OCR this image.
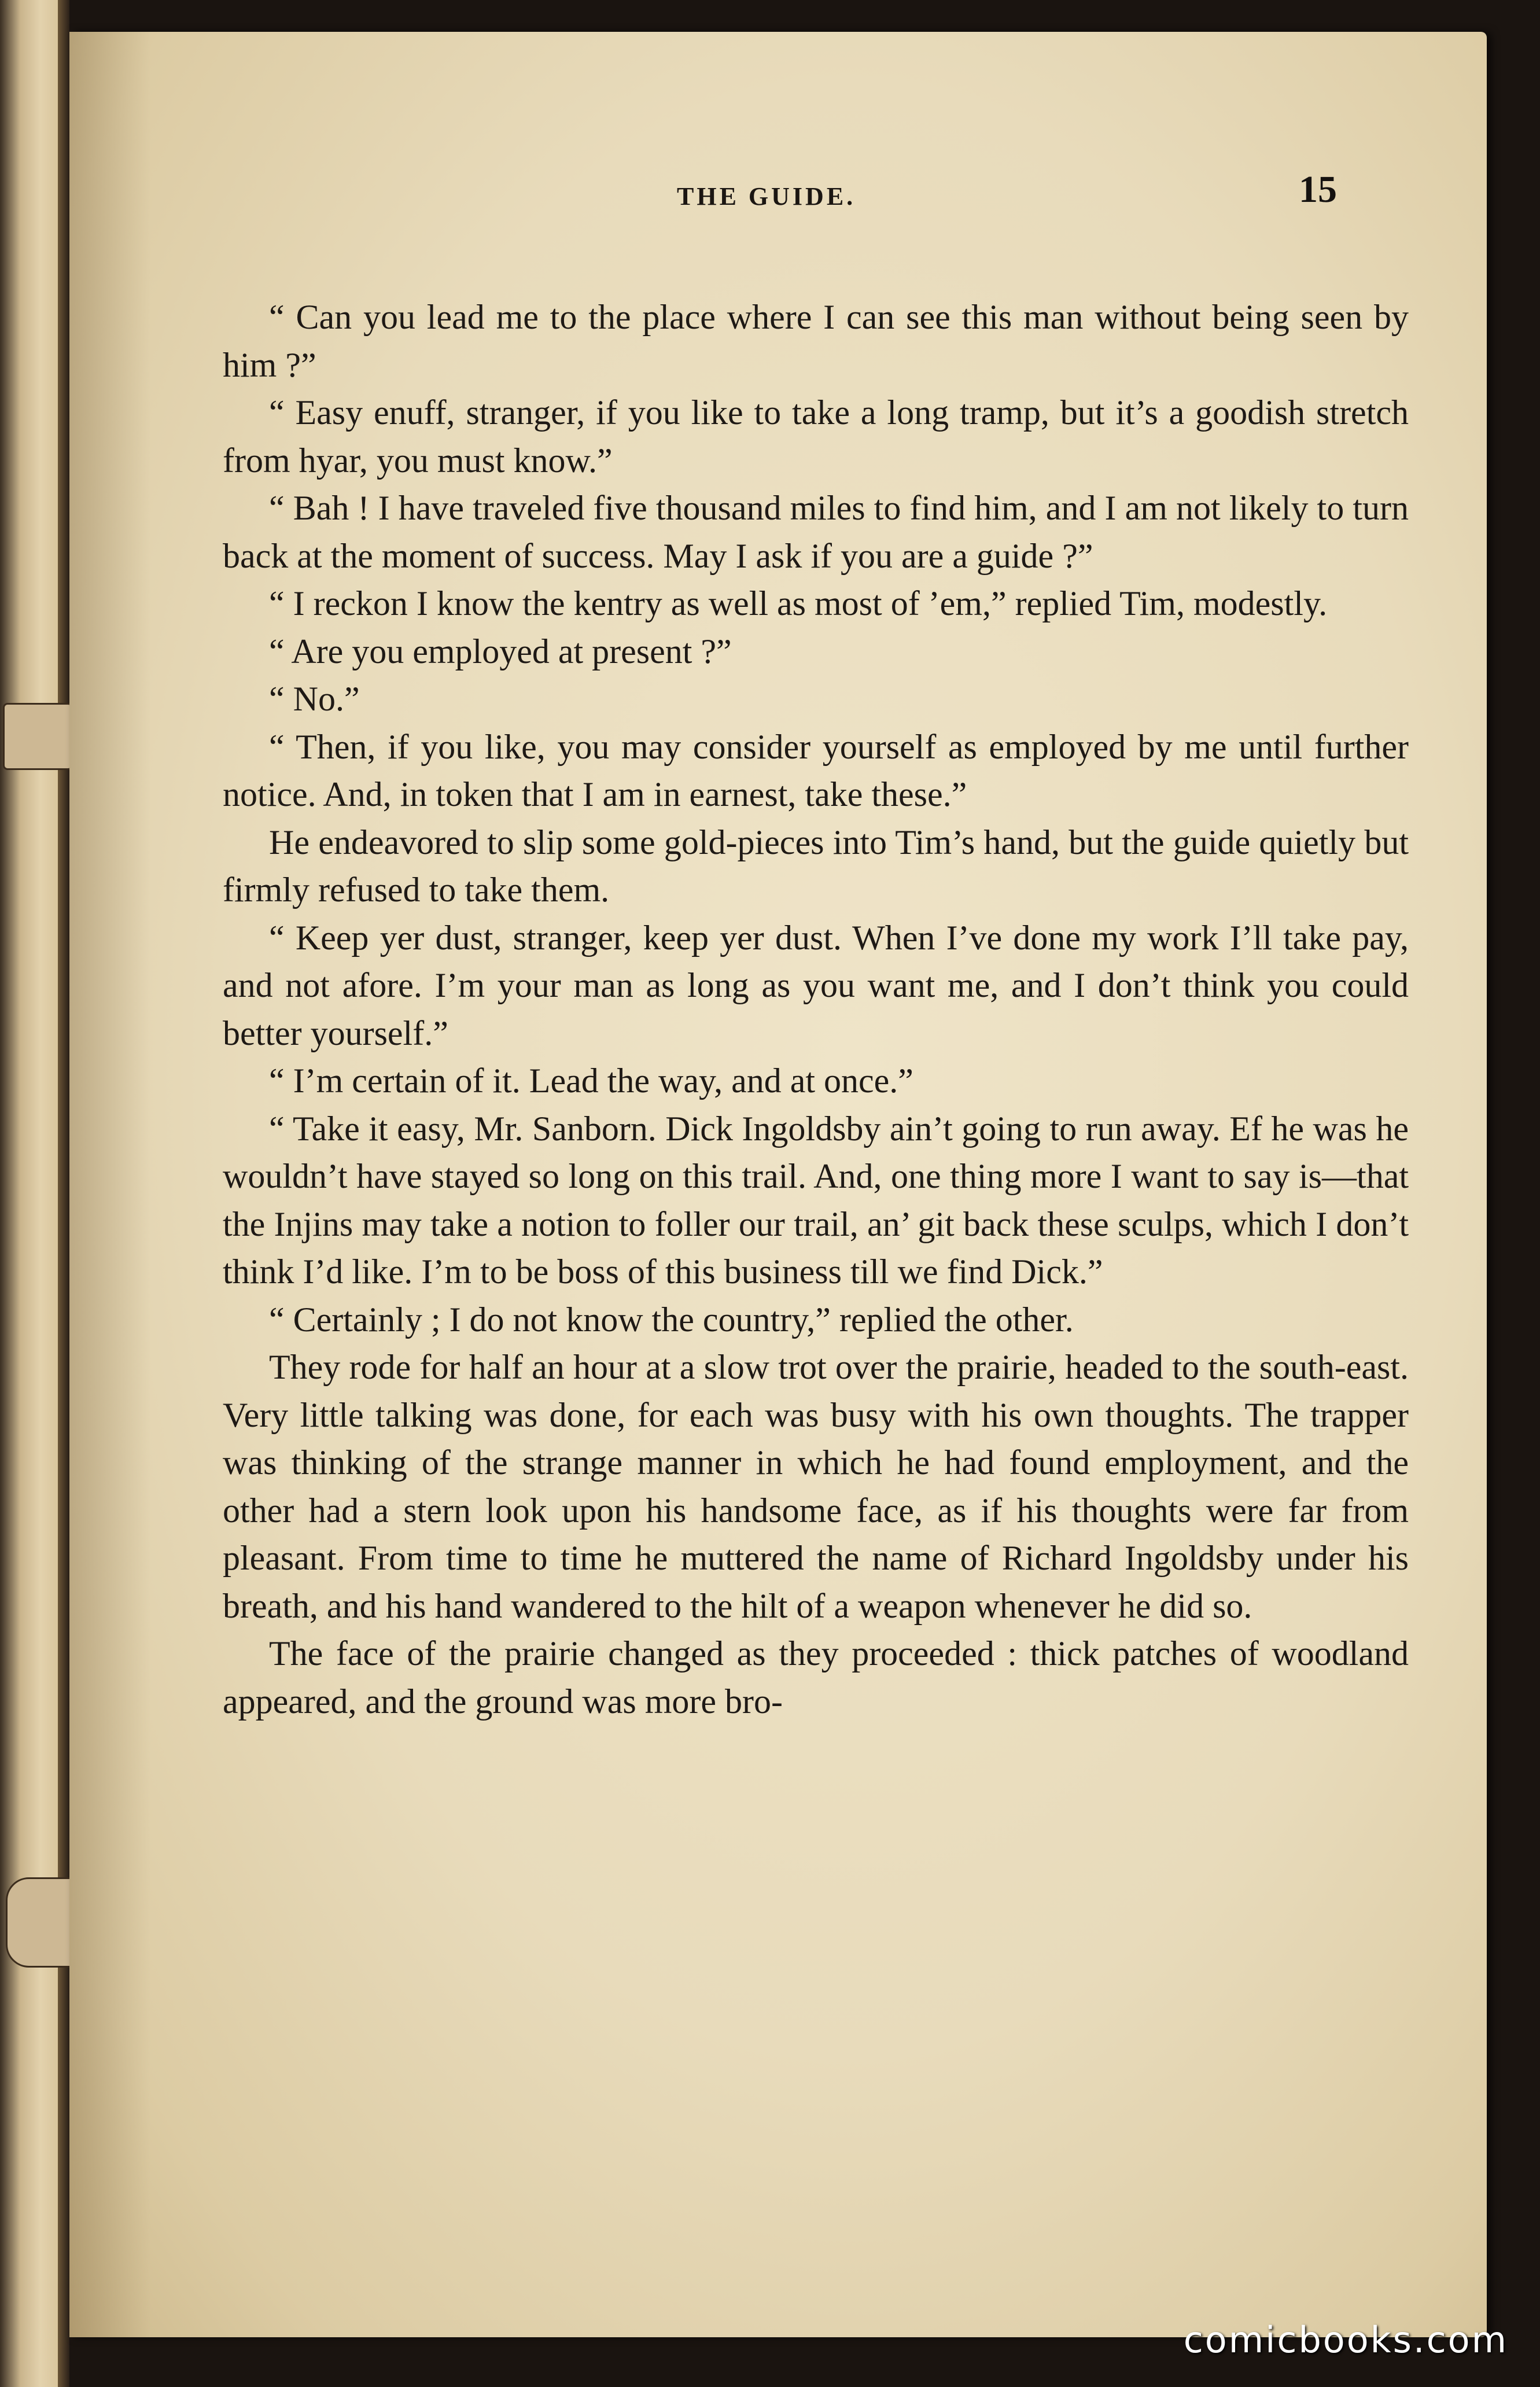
THE GUIDE.	15

“ Can you lead me to the place where I can see this man without being seen by him ?”

“ Easy enuff, stranger, if you like to take a long tramp, but it’s a goodish stretch from hyar, you must know.”

“ Bah ! I have traveled five thousand miles to find him, and I am not likely to turn back at the moment of success. May I ask if you are a guide ?”

“ I reckon I know the kentry as well as most of ’em,” replied Tim, modestly.

“ Are you employed at present ?”

“ No.”

“ Then, if you like, you may consider yourself as employed by me until further notice. And, in token that I am in earnest, take these.”

He endeavored to slip some gold-pieces into Tim’s hand, but the guide quietly but firmly refused to take them.

“ Keep yer dust, stranger, keep yer dust. When I’ve done my work I’ll take pay, and not afore. I’m your man as long as you want me, and I don’t think you could better yourself.”

“ I’m certain of it. Lead the way, and at once.”

“ Take it easy, Mr. Sanborn. Dick Ingoldsby ain’t going to run away. Ef he was he wouldn’t have stayed so long on this trail. And, one thing more I want to say is—that the Injins may take a notion to foller our trail, an’ git back these sculps, which I don’t think I’d like. I’m to be boss of this business till we find Dick.”

“ Certainly ; I do not know the country,” replied the other.

They rode for half an hour at a slow trot over the prairie, headed to the south-east. Very little talking was done, for each was busy with his own thoughts. The trapper was thinking of the strange manner in which he had found employment, and the other had a stern look upon his handsome face, as if his thoughts were far from pleasant. From time to time he muttered the name of Richard Ingoldsby under his breath, and his hand wandered to the hilt of a weapon whenever he did so.

The face of the prairie changed as they proceeded : thick patches of woodland appeared, and the ground was more bro-

comicbooks.com
